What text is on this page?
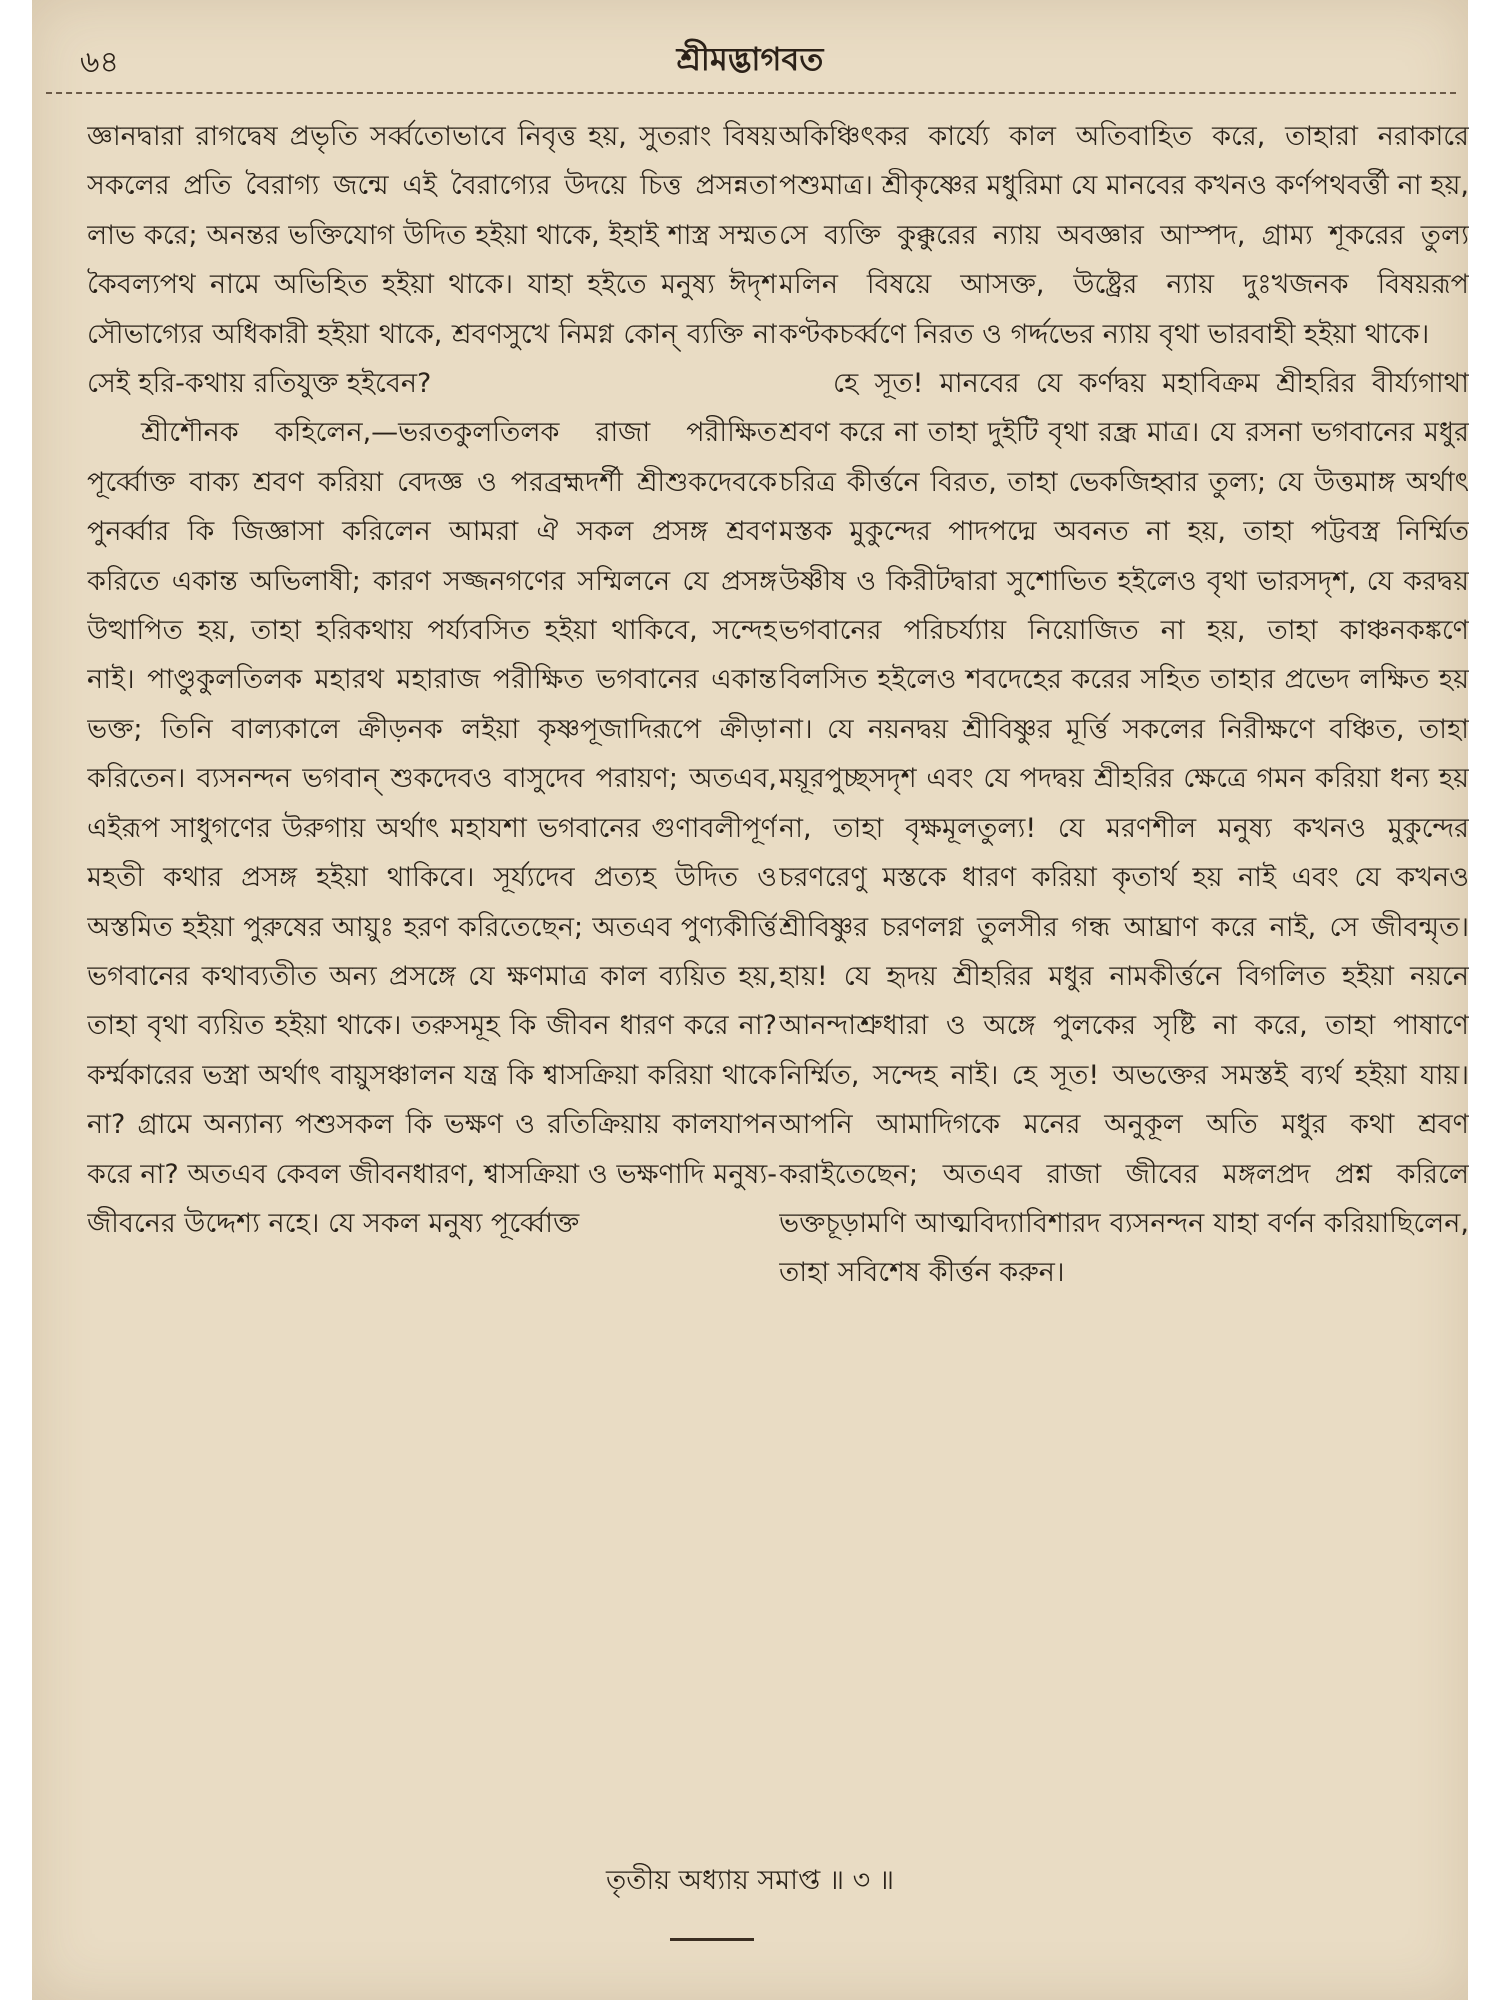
৬৪	শ্রীমদ্ভাগবত

জ্ঞানদ্বারা রাগদ্বেষ প্রভৃতি সর্ব্বতোভাবে নিবৃত্ত হয়, সুতরাং বিষয় সকলের প্রতি বৈরাগ্য জন্মে এই বৈরাগ্যের উদয়ে চিত্ত প্রসন্নতা লাভ করে; অনন্তর ভক্তিযোগ উদিত হইয়া থাকে, ইহাই শাস্ত্র সম্মত কৈবল্যপথ নামে অভিহিত হইয়া থাকে। যাহা হইতে মনুষ্য ঈদৃশ সৌভাগ্যের অধিকারী হইয়া থাকে, শ্রবণসুখে নিমগ্ন কোন্ ব্যক্তি না সেই হরি-কথায় রতিযুক্ত হইবেন?

শ্রীশৌনক কহিলেন,—ভরতকুলতিলক রাজা পরীক্ষিত পূর্ব্বোক্ত বাক্য শ্রবণ করিয়া বেদজ্ঞ ও পরব্রহ্মদর্শী শ্রীশুকদেবকে পুনর্ব্বার কি জিজ্ঞাসা করিলেন আমরা ঐ সকল প্রসঙ্গ শ্রবণ করিতে একান্ত অভিলাষী; কারণ সজ্জনগণের সম্মিলনে যে প্রসঙ্গ উত্থাপিত হয়, তাহা হরিকথায় পর্য্যবসিত হইয়া থাকিবে, সন্দেহ নাই। পাণ্ডুকুলতিলক মহারথ মহারাজ পরীক্ষিত ভগবানের একান্ত ভক্ত; তিনি বাল্যকালে ক্রীড়নক লইয়া কৃষ্ণপূজাদিরূপে ক্রীড়া করিতেন। ব্যসনন্দন ভগবান্ শুকদেবও বাসুদেব পরায়ণ; অতএব, এইরূপ সাধুগণের উরুগায় অর্থাৎ মহাযশা ভগবানের গুণাবলীপূর্ণ মহতী কথার প্রসঙ্গ হইয়া থাকিবে। সূর্য্যদেব প্রত্যহ উদিত ও অস্তমিত হইয়া পুরুষের আয়ুঃ হরণ করিতেছেন; অতএব পুণ্যকীর্ত্তি ভগবানের কথাব্যতীত অন্য প্রসঙ্গে যে ক্ষণমাত্র কাল ব্যয়িত হয়, তাহা বৃথা ব্যয়িত হইয়া থাকে। তরুসমূহ কি জীবন ধারণ করে না? কর্ম্মকারের ভস্ত্রা অর্থাৎ বায়ুসঞ্চালন যন্ত্র কি শ্বাসক্রিয়া করিয়া থাকে না? গ্রামে অন্যান্য পশুসকল কি ভক্ষণ ও রতিক্রিয়ায় কালযাপন করে না? অতএব কেবল জীবনধারণ, শ্বাসক্রিয়া ও ভক্ষণাদি মনুষ্য-জীবনের উদ্দেশ্য নহে। যে সকল মনুষ্য পূর্ব্বোক্ত

অকিঞ্চিৎকর কার্য্যে কাল অতিবাহিত করে, তাহারা নরাকারে পশুমাত্র। শ্রীকৃষ্ণের মধুরিমা যে মানবের কখনও কর্ণপথবর্ত্তী না হয়, সে ব্যক্তি কুক্কুরের ন্যায় অবজ্ঞার আস্পদ, গ্রাম্য শূকরের তুল্য মলিন বিষয়ে আসক্ত, উষ্ট্রের ন্যায় দুঃখজনক বিষয়রূপ কণ্টকচর্ব্বণে নিরত ও গর্দ্দভের ন্যায় বৃথা ভারবাহী হইয়া থাকে।

হে সূত! মানবের যে কর্ণদ্বয় মহাবিক্রম শ্রীহরির বীর্য্যগাথা শ্রবণ করে না তাহা দুইটি বৃথা রন্ধ্র মাত্র। যে রসনা ভগবানের মধুর চরিত্র কীর্ত্তনে বিরত, তাহা ভেকজিহ্বার তুল্য; যে উত্তমাঙ্গ অর্থাৎ মস্তক মুকুন্দের পাদপদ্মে অবনত না হয়, তাহা পট্টবস্ত্র নির্ম্মিত উষ্ণীষ ও কিরীটদ্বারা সুশোভিত হইলেও বৃথা ভারসদৃশ, যে করদ্বয় ভগবানের পরিচর্য্যায় নিয়োজিত না হয়, তাহা কাঞ্চনকঙ্কণে বিলসিত হইলেও শবদেহের করের সহিত তাহার প্রভেদ লক্ষিত হয় না। যে নয়নদ্বয় শ্রীবিষ্ণুর মূর্ত্তি সকলের নিরীক্ষণে বঞ্চিত, তাহা ময়ূরপুচ্ছসদৃশ এবং যে পদদ্বয় শ্রীহরির ক্ষেত্রে গমন করিয়া ধন্য হয় না, তাহা বৃক্ষমূলতুল্য! যে মরণশীল মনুষ্য কখনও মুকুন্দের চরণরেণু মস্তকে ধারণ করিয়া কৃতার্থ হয় নাই এবং যে কখনও শ্রীবিষ্ণুর চরণলগ্ন তুলসীর গন্ধ আঘ্রাণ করে নাই, সে জীবন্মৃত। হায়! যে হৃদয় শ্রীহরির মধুর নামকীর্ত্তনে বিগলিত হইয়া নয়নে আনন্দাশ্রুধারা ও অঙ্গে পুলকের সৃষ্টি না করে, তাহা পাষাণে নির্ম্মিত, সন্দেহ নাই। হে সূত! অভক্তের সমস্তই ব্যর্থ হইয়া যায়। আপনি আমাদিগকে মনের অনুকূল অতি মধুর কথা শ্রবণ করাইতেছেন; অতএব রাজা জীবের মঙ্গলপ্রদ প্রশ্ন করিলে ভক্তচূড়ামণি আত্মবিদ্যাবিশারদ ব্যসনন্দন যাহা বর্ণন করিয়াছিলেন, তাহা সবিশেষ কীর্ত্তন করুন।

তৃতীয় অধ্যায় সমাপ্ত ॥ ৩ ॥
